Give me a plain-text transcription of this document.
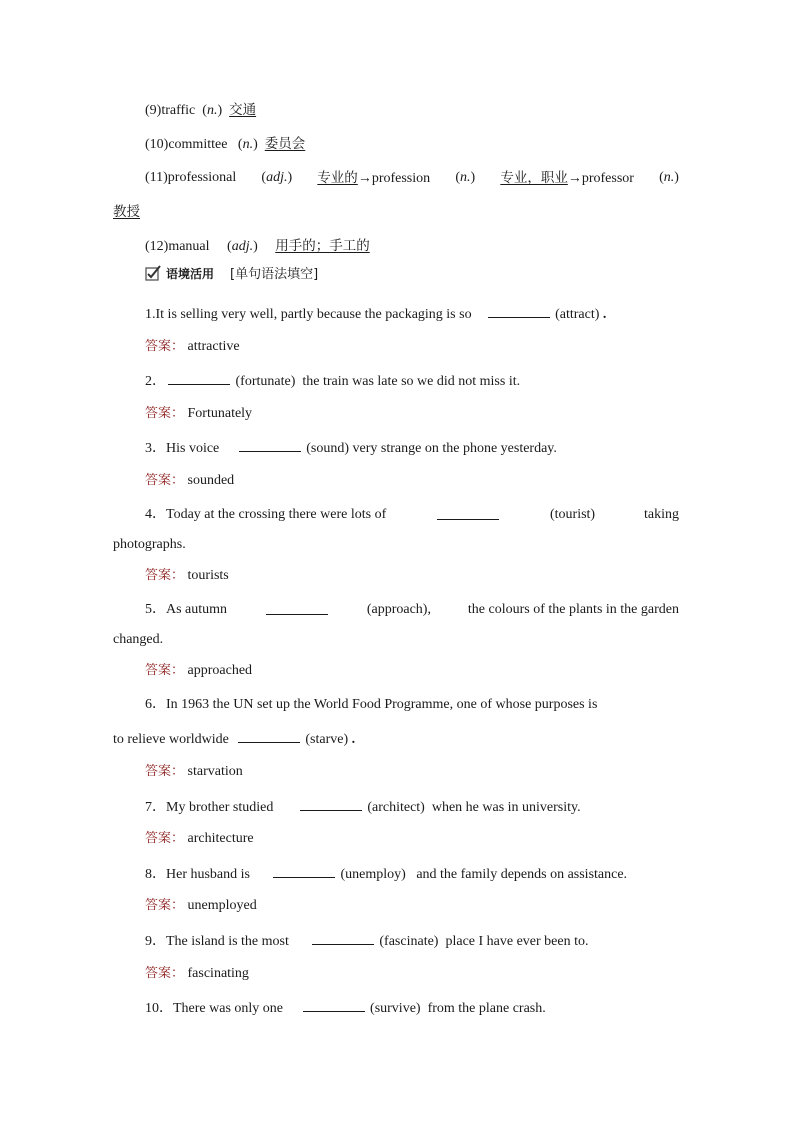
(9)traffic  (n.)  交通
(10)committee   (n.)  委员会
(11)professional (adj.) 专业的→profession (n.) 专业，职业→professor (n.)
教授
(12)manual     (adj.)     用手的；手工的
语境活用 [单句语法填空]
1.It is selling very well, partly because the packaging is so	(attract) .
答案： attractive
2．	(fortunate) the train was late so we did not miss it.
答案： Fortunately
3．His voice	(sound) very strange on the phone yesterday.
答案： sounded
4．Today at the crossing there were lots of	(tourist)	taking
photographs.
答案： tourists
5．As autumn	(approach),	the colours of the plants in the garden
changed.
答案： approached
6．In 1963 the UN set up the World Food Programme, one of whose purposes is
to relieve worldwide	(starve) .
答案： starvation
7．My brother studied	(architect) when he was in university.
答案： architecture
8．Her husband is	(unemploy) and the family depends on assistance.
答案： unemployed
9．The island is the most	(fascinate) place I have ever been to.
答案： fascinating
10．There was only one	(survive) from the plane crash.
